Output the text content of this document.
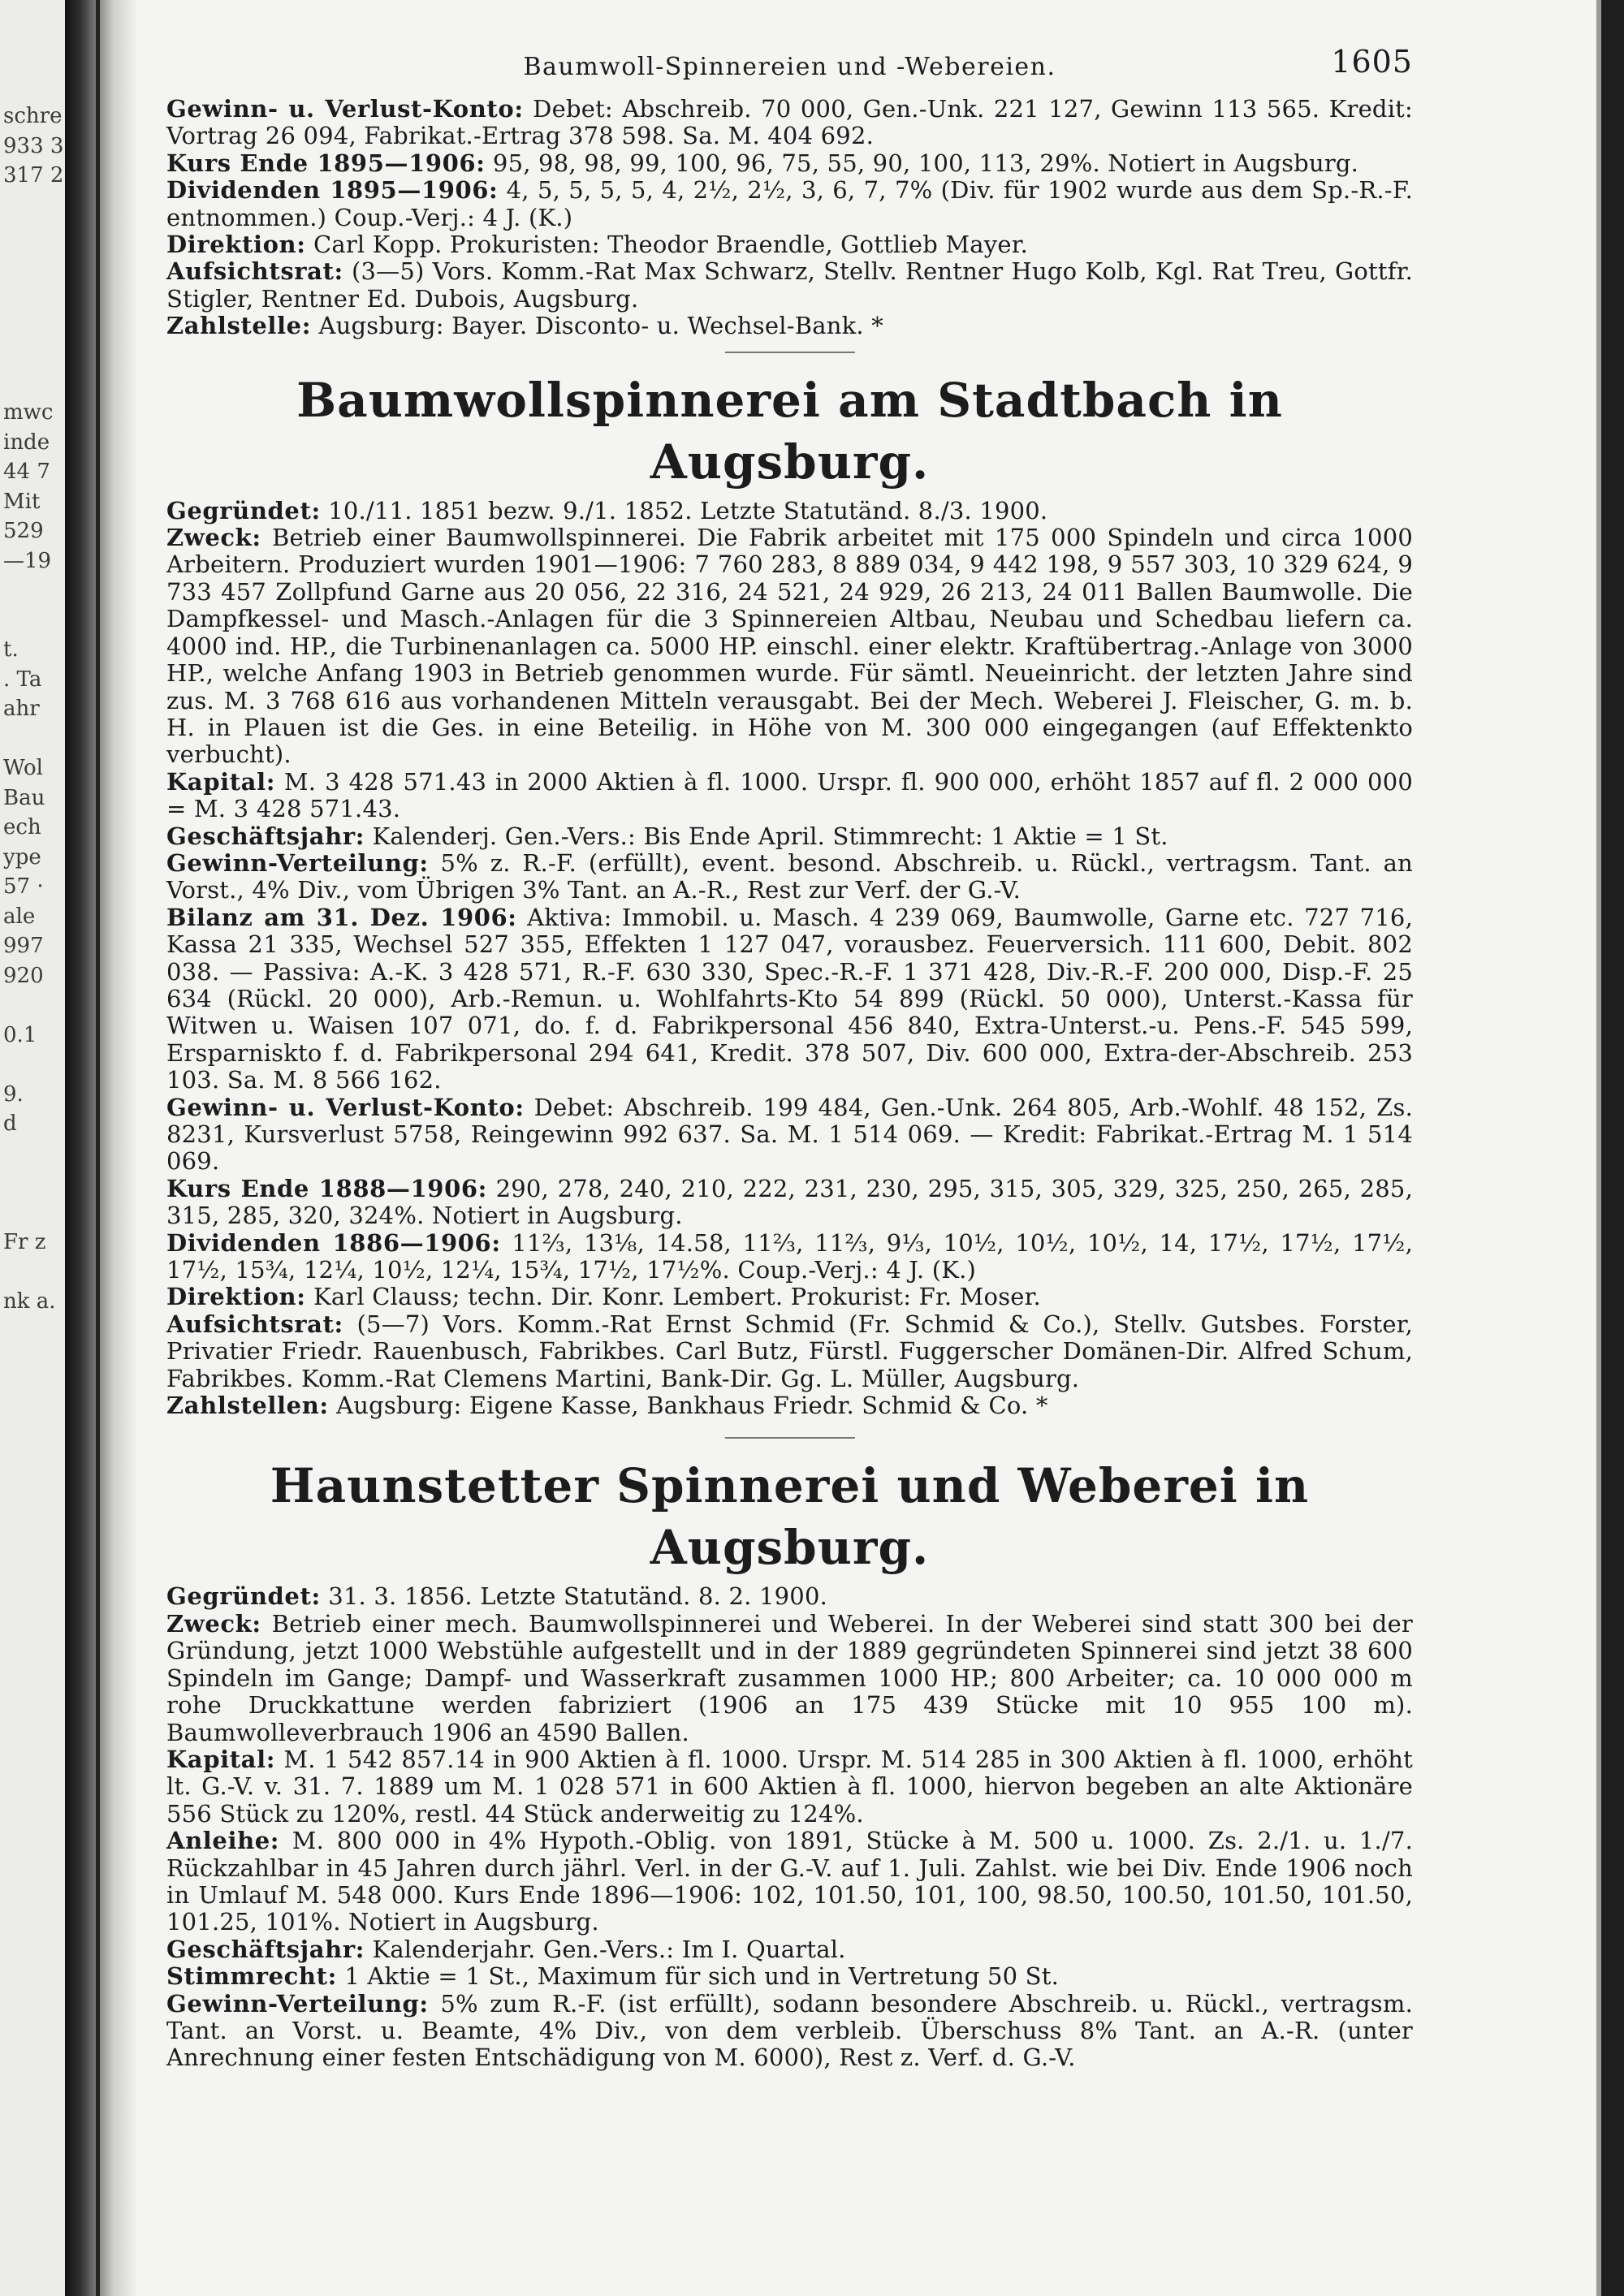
schre
933 3
317 2
mwc
inde
44 7
Mit
529
—19
t.
. Ta
ahr
Wol
Bau
ech
ype
57 ·
ale
997
920
0.1
9.
d
Fr z
nk a.
Baumwoll-Spinnereien und -Webereien.	1605

Gewinn- u. Verlust-Konto: Debet: Abschreib. 70 000, Gen.-Unk. 221 127, Gewinn 113 565. Kredit: Vortrag 26 094, Fabrikat.-Ertrag 378 598. Sa. M. 404 692.

Kurs Ende 1895—1906: 95, 98, 98, 99, 100, 96, 75, 55, 90, 100, 113, 29%. Notiert in Augsburg.

Dividenden 1895—1906: 4, 5, 5, 5, 5, 4, 2½, 2½, 3, 6, 7, 7% (Div. für 1902 wurde aus dem Sp.-R.-F. entnommen.) Coup.-Verj.: 4 J. (K.)

Direktion: Carl Kopp. Prokuristen: Theodor Braendle, Gottlieb Mayer.

Aufsichtsrat: (3—5) Vors. Komm.-Rat Max Schwarz, Stellv. Rentner Hugo Kolb, Kgl. Rat Treu, Gottfr. Stigler, Rentner Ed. Dubois, Augsburg.

Zahlstelle: Augsburg: Bayer. Disconto- u. Wechsel-Bank. *

Baumwollspinnerei am Stadtbach in Augsburg.

Gegründet: 10./11. 1851 bezw. 9./1. 1852. Letzte Statutänd. 8./3. 1900.

Zweck: Betrieb einer Baumwollspinnerei. Die Fabrik arbeitet mit 175 000 Spindeln und circa 1000 Arbeitern. Produziert wurden 1901—1906: 7 760 283, 8 889 034, 9 442 198, 9 557 303, 10 329 624, 9 733 457 Zollpfund Garne aus 20 056, 22 316, 24 521, 24 929, 26 213, 24 011 Ballen Baumwolle. Die Dampfkessel- und Masch.-Anlagen für die 3 Spinnereien Altbau, Neubau und Schedbau liefern ca. 4000 ind. HP., die Turbinenanlagen ca. 5000 HP. einschl. einer elektr. Kraftübertrag.-Anlage von 3000 HP., welche Anfang 1903 in Betrieb genommen wurde. Für sämtl. Neueinricht. der letzten Jahre sind zus. M. 3 768 616 aus vorhandenen Mitteln verausgabt. Bei der Mech. Weberei J. Fleischer, G. m. b. H. in Plauen ist die Ges. in eine Beteilig. in Höhe von M. 300 000 eingegangen (auf Effektenkto verbucht).

Kapital: M. 3 428 571.43 in 2000 Aktien à fl. 1000. Urspr. fl. 900 000, erhöht 1857 auf fl. 2 000 000 = M. 3 428 571.43.

Geschäftsjahr: Kalenderj. Gen.-Vers.: Bis Ende April. Stimmrecht: 1 Aktie = 1 St.

Gewinn-Verteilung: 5% z. R.-F. (erfüllt), event. besond. Abschreib. u. Rückl., vertragsm. Tant. an Vorst., 4% Div., vom Übrigen 3% Tant. an A.-R., Rest zur Verf. der G.-V.

Bilanz am 31. Dez. 1906: Aktiva: Immobil. u. Masch. 4 239 069, Baumwolle, Garne etc. 727 716, Kassa 21 335, Wechsel 527 355, Effekten 1 127 047, vorausbez. Feuerversich. 111 600, Debit. 802 038. — Passiva: A.-K. 3 428 571, R.-F. 630 330, Spec.-R.-F. 1 371 428, Div.-R.-F. 200 000, Disp.-F. 25 634 (Rückl. 20 000), Arb.-Remun. u. Wohlfahrts-Kto 54 899 (Rückl. 50 000), Unterst.-Kassa für Witwen u. Waisen 107 071, do. f. d. Fabrikpersonal 456 840, Extra-Unterst.-u. Pens.-F. 545 599, Ersparniskto f. d. Fabrikpersonal 294 641, Kredit. 378 507, Div. 600 000, Extra-der-Abschreib. 253 103. Sa. M. 8 566 162.

Gewinn- u. Verlust-Konto: Debet: Abschreib. 199 484, Gen.-Unk. 264 805, Arb.-Wohlf. 48 152, Zs. 8231, Kursverlust 5758, Reingewinn 992 637. Sa. M. 1 514 069. — Kredit: Fabrikat.-Ertrag M. 1 514 069.

Kurs Ende 1888—1906: 290, 278, 240, 210, 222, 231, 230, 295, 315, 305, 329, 325, 250, 265, 285, 315, 285, 320, 324%. Notiert in Augsburg.

Dividenden 1886—1906: 11⅔, 13⅛, 14.58, 11⅔, 11⅔, 9⅓, 10½, 10½, 10½, 14, 17½, 17½, 17½, 17½, 15¾, 12¼, 10½, 12¼, 15¾, 17½, 17½%. Coup.-Verj.: 4 J. (K.)

Direktion: Karl Clauss; techn. Dir. Konr. Lembert. Prokurist: Fr. Moser.

Aufsichtsrat: (5—7) Vors. Komm.-Rat Ernst Schmid (Fr. Schmid & Co.), Stellv. Gutsbes. Forster, Privatier Friedr. Rauenbusch, Fabrikbes. Carl Butz, Fürstl. Fuggerscher Domänen-Dir. Alfred Schum, Fabrikbes. Komm.-Rat Clemens Martini, Bank-Dir. Gg. L. Müller, Augsburg.

Zahlstellen: Augsburg: Eigene Kasse, Bankhaus Friedr. Schmid & Co. *

Haunstetter Spinnerei und Weberei in Augsburg.

Gegründet: 31. 3. 1856. Letzte Statutänd. 8. 2. 1900.

Zweck: Betrieb einer mech. Baumwollspinnerei und Weberei. In der Weberei sind statt 300 bei der Gründung, jetzt 1000 Webstühle aufgestellt und in der 1889 gegründeten Spinnerei sind jetzt 38 600 Spindeln im Gange; Dampf- und Wasserkraft zusammen 1000 HP.; 800 Arbeiter; ca. 10 000 000 m rohe Druckkattune werden fabriziert (1906 an 175 439 Stücke mit 10 955 100 m). Baumwolleverbrauch 1906 an 4590 Ballen.

Kapital: M. 1 542 857.14 in 900 Aktien à fl. 1000. Urspr. M. 514 285 in 300 Aktien à fl. 1000, erhöht lt. G.-V. v. 31. 7. 1889 um M. 1 028 571 in 600 Aktien à fl. 1000, hiervon begeben an alte Aktionäre 556 Stück zu 120%, restl. 44 Stück anderweitig zu 124%.

Anleihe: M. 800 000 in 4% Hypoth.-Oblig. von 1891, Stücke à M. 500 u. 1000. Zs. 2./1. u. 1./7. Rückzahlbar in 45 Jahren durch jährl. Verl. in der G.-V. auf 1. Juli. Zahlst. wie bei Div. Ende 1906 noch in Umlauf M. 548 000. Kurs Ende 1896—1906: 102, 101.50, 101, 100, 98.50, 100.50, 101.50, 101.50, 101.25, 101%. Notiert in Augsburg.

Geschäftsjahr: Kalenderjahr. Gen.-Vers.: Im I. Quartal.

Stimmrecht: 1 Aktie = 1 St., Maximum für sich und in Vertretung 50 St.

Gewinn-Verteilung: 5% zum R.-F. (ist erfüllt), sodann besondere Abschreib. u. Rückl., vertragsm. Tant. an Vorst. u. Beamte, 4% Div., von dem verbleib. Überschuss 8% Tant. an A.-R. (unter Anrechnung einer festen Entschädigung von M. 6000), Rest z. Verf. d. G.-V.
